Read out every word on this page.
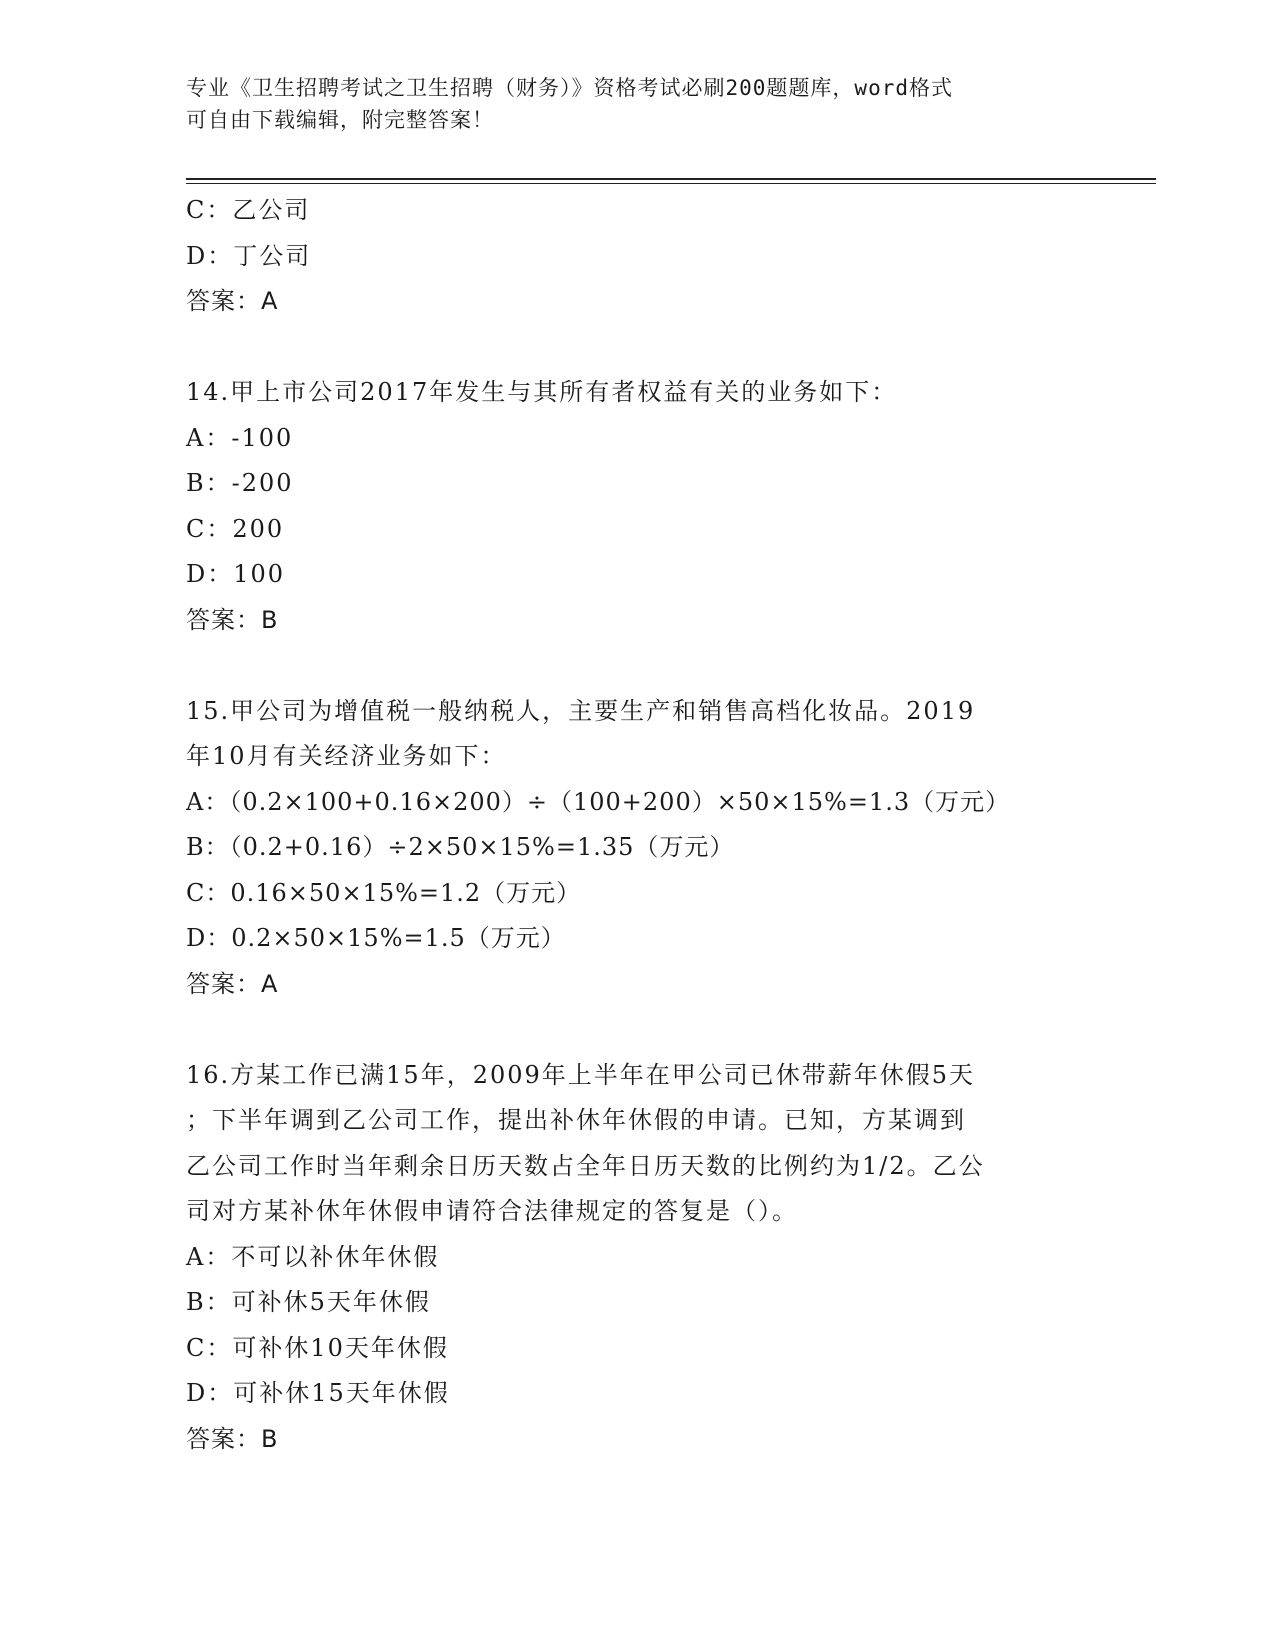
专业《卫生招聘考试之卫生招聘（财务）》资格考试必刷200题题库，word格式
可自由下载编辑，附完整答案！
C：乙公司
D：丁公司
答案：A
14.甲上市公司2017年发生与其所有者权益有关的业务如下：
A：-100
B：-200
C：200
D：100
答案：B
15.甲公司为增值税一般纳税人，主要生产和销售高档化妆品。2019
年10月有关经济业务如下：
A：（0.2×100+0.16×200）÷（100+200）×50×15%=1.3（万元）
B：（0.2+0.16）÷2×50×15%=1.35（万元）
C：0.16×50×15%=1.2（万元）
D：0.2×50×15%=1.5（万元）
答案：A
16.方某工作已满15年，2009年上半年在甲公司已休带薪年休假5天
；下半年调到乙公司工作，提出补休年休假的申请。已知，方某调到
乙公司工作时当年剩余日历天数占全年日历天数的比例约为1/2。乙公
司对方某补休年休假申请符合法律规定的答复是（）。
A：不可以补休年休假
B：可补休5天年休假
C：可补休10天年休假
D：可补休15天年休假
答案：B
